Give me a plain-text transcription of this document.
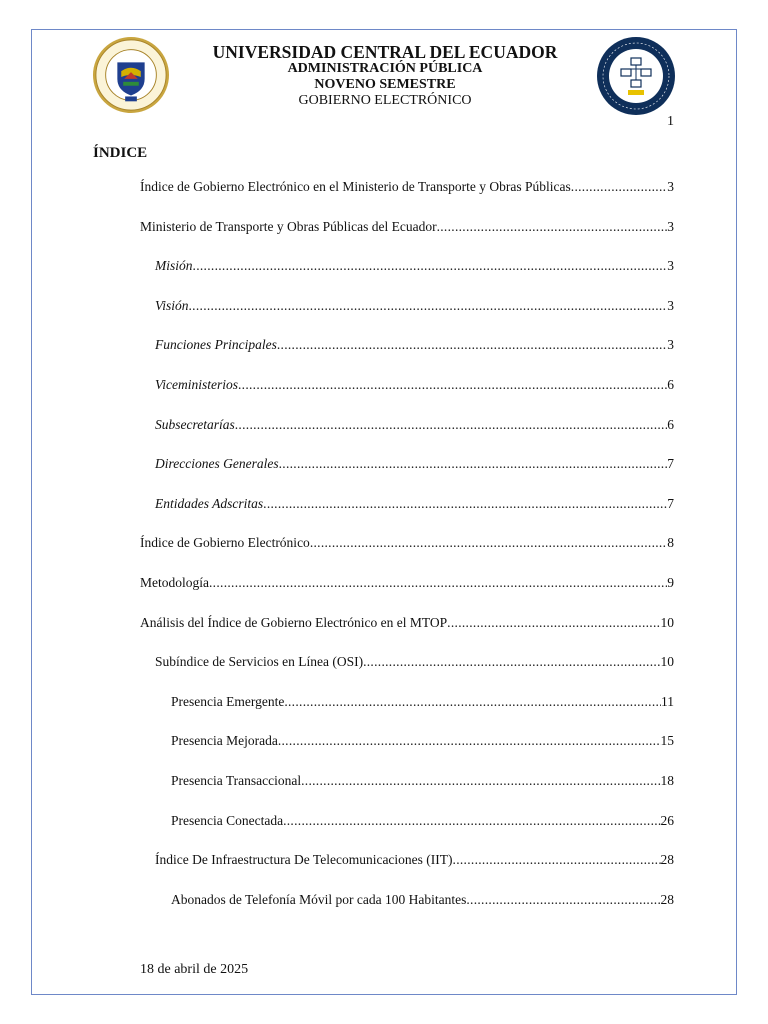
UNIVERSIDAD CENTRAL DEL ECUADOR
ADMINISTRACIÓN PÚBLICA
NOVENO SEMESTRE
GOBIERNO ELECTRÓNICO
1
ÍNDICE
Índice de Gobierno Electrónico en el Ministerio de Transporte y Obras Públicas .....	3
Ministerio de Transporte y Obras Públicas del Ecuador .....	3
Misión .....	3
Visión .....	3
Funciones Principales .....	3
Viceministerios .....	6
Subsecretarías .....	6
Direcciones Generales .....	7
Entidades Adscritas .....	7
Índice de Gobierno Electrónico .....	8
Metodología .....	9
Análisis del Índice de Gobierno Electrónico en el MTOP .....	10
Subíndice de Servicios en Línea (OSI) .....	10
Presencia Emergente .....	11
Presencia Mejorada .....	15
Presencia Transaccional .....	18
Presencia Conectada .....	26
Índice De Infraestructura De Telecomunicaciones (IIT) .....	28
Abonados de Telefonía Móvil por cada 100 Habitantes .....	28
18 de abril de 2025
